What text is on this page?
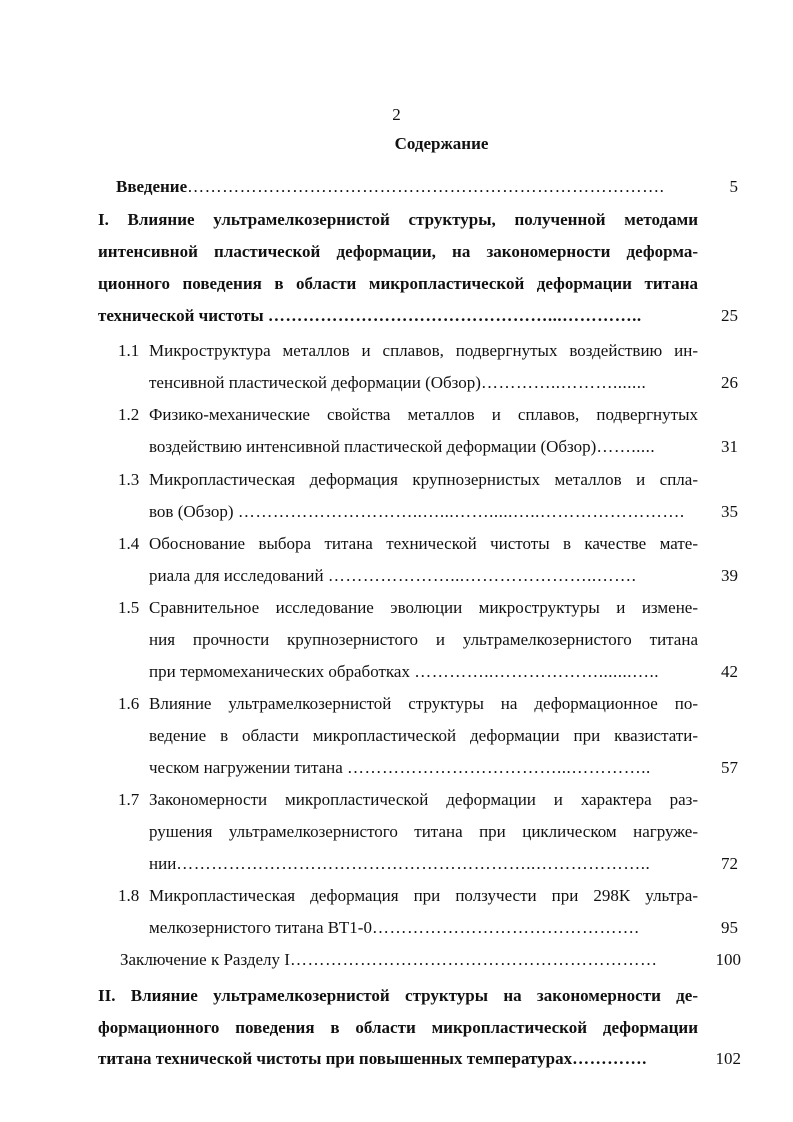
2
Содержание
Введение……………………………………………………………………….	5
I. Влияние ультрамелкозернистой структуры, полученной методами
интенсивной пластической деформации, на закономерности деформа-
ционного поведения в области микропластической деформации титана
технической чистоты …………………………………………...…………..	25
1.1 Микроструктура металлов и сплавов, подвергнутых воздействию ин-
тенсивной пластической деформации (Обзор)…………..……….......	26
1.2 Физико-механические свойства металлов и сплавов, подвергнутых
воздействию интенсивной пластической деформации (Обзор)…….....	31
1.3 Микропластическая деформация крупнозернистых металлов и спла-
вов (Обзор) …………………………..…...…….....…..…………………….	35
1.4 Обоснование выбора титана технической чистоты в качестве мате-
риала для исследований …………………...…………………..…….	39
1.5 Сравнительное исследование эволюции микроструктуры и измене-
ния прочности крупнозернистого и ультрамелкозернистого титана
при термомеханических обработках …………..……………….......…..	42
1.6 Влияние ультрамелкозернистой структуры на деформационное по-
ведение в области микропластической деформации при квазистати-
ческом нагружении титана ………………………………...…………..	57
1.7 Закономерности микропластической деформации и характера раз-
рушения ультрамелкозернистого титана при циклическом нагруже-
нии……………………………………………………..………………..	72
1.8 Микропластическая деформация при ползучести при 298К ультра-
мелкозернистого титана ВТ1-0……………………………………….	95
Заключение к Разделу I………………………………………………………	100
II. Влияние ультрамелкозернистой структуры на закономерности де-
формационного поведения в области микропластической деформации
титана технической чистоты при повышенных температурах………….	102
